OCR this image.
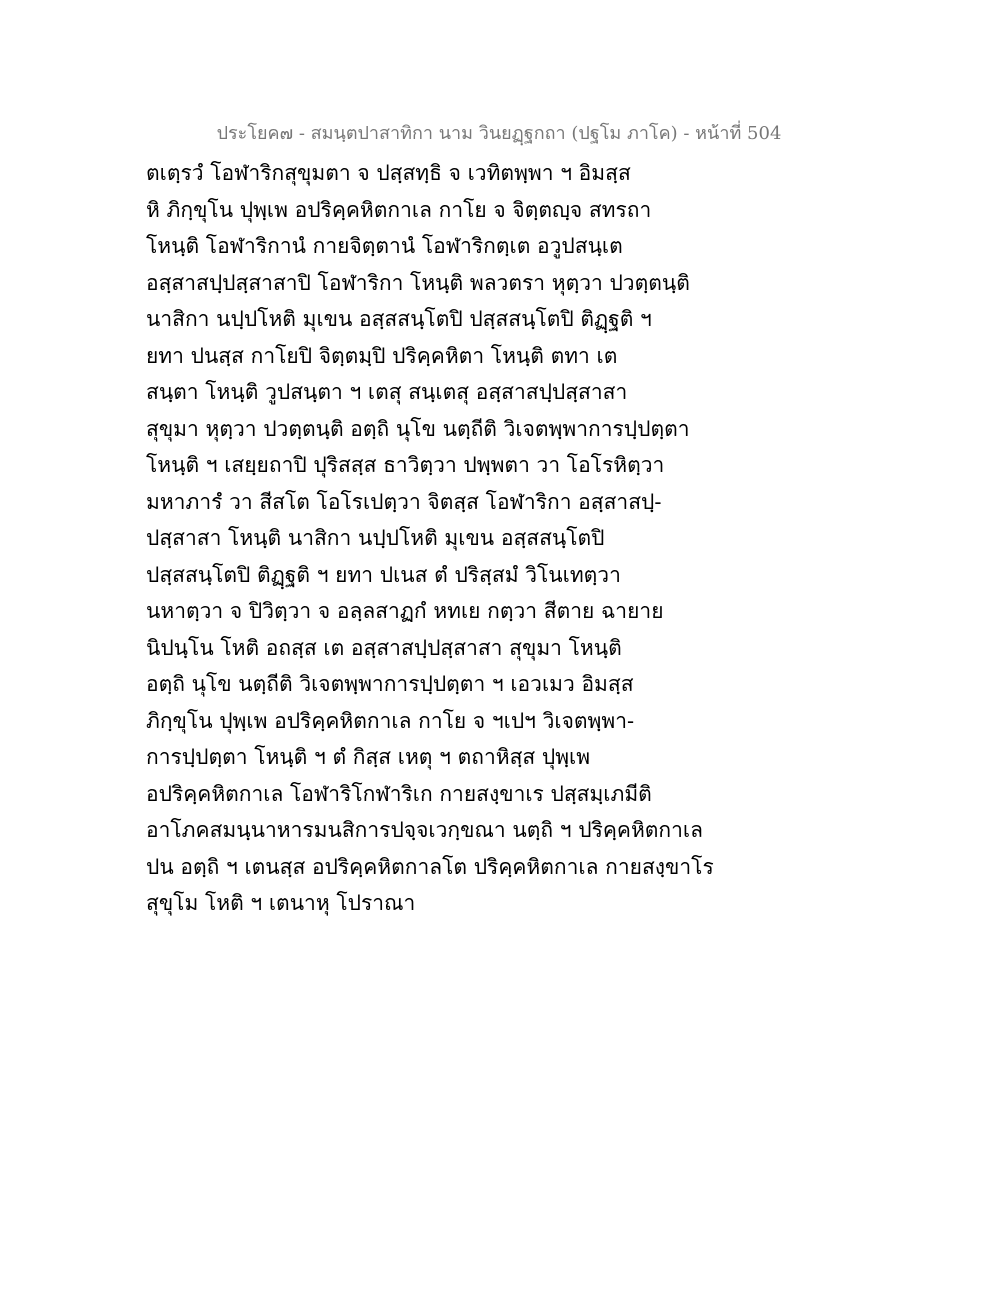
ประโยค๗ - สมนฺตปาสาทิกา นาม วินยฏฺฐกถา (ปฐโม ภาโค) - หน้าที่ 504
ตเตฺรวํ โอฬาริกสุขุมตา จ ปสฺสทฺธิ จ เวทิตพฺพา ฯ อิมสฺส
หิ ภิกฺขุโน ปุพฺเพ อปริคฺคหิตกาเล กาโย จ จิตฺตญฺจ สทรถา
โหนฺติ โอฬาริกานํ กายจิตฺตานํ โอฬาริกตฺเต อวูปสนฺเต
อสฺสาสปฺปสฺสาสาปิ โอฬาริกา โหนฺติ พลวตรา หุตฺวา ปวตฺตนฺติ
นาสิกา นปฺปโหติ มุเขน อสฺสสนฺโตปิ ปสฺสสนฺโตปิ ติฏฺฐติ ฯ
ยทา ปนสฺส กาโยปิ จิตฺตมฺปิ ปริคฺคหิตา โหนฺติ ตทา เต
สนฺตา โหนฺติ วูปสนฺตา ฯ เตสุ สนฺเตสุ อสฺสาสปฺปสฺสาสา
สุขุมา หุตฺวา ปวตฺตนฺติ อตฺถิ นุโข นตฺถีติ วิเจตพฺพาการปฺปตฺตา
โหนฺติ ฯ เสยฺยถาปิ ปุริสสฺส ธาวิตฺวา ปพฺพตา วา โอโรหิตฺวา
มหาภารํ วา สีสโต โอโรเปตฺวา จิตสฺส โอฬาริกา อสฺสาสปฺ-
ปสฺสาสา โหนฺติ นาสิกา นปฺปโหติ มุเขน อสฺสสนฺโตปิ
ปสฺสสนฺโตปิ ติฏฺฐติ ฯ ยทา ปเนส ตํ ปริสฺสมํ วิโนเทตฺวา
นหาตฺวา จ ปิวิตฺวา จ อลฺลสาฏกํ หทเย กตฺวา สีตาย ฉายาย
นิปนฺโน โหติ อถสฺส เต อสฺสาสปฺปสฺสาสา สุขุมา โหนฺติ
อตฺถิ นุโข นตฺถีติ วิเจตพฺพาการปฺปตฺตา ฯ เอวเมว อิมสฺส
ภิกฺขุโน ปุพฺเพ อปริคฺคหิตกาเล กาโย จ ฯเปฯ วิเจตพฺพา-
การปฺปตฺตา โหนฺติ ฯ ตํ กิสฺส เหตุ ฯ ตถาหิสฺส ปุพฺเพ
อปริคฺคหิตกาเล โอฬาริโกฬาริเก กายสงฺขาเร ปสฺสมฺเภมีติ
อาโภคสมนฺนาหารมนสิการปจฺจเวกฺขณา นตฺถิ ฯ ปริคฺคหิตกาเล
ปน อตฺถิ ฯ เตนสฺส อปริคฺคหิตกาลโต ปริคฺคหิตกาเล กายสงฺขาโร
สุขุโม โหติ ฯ เตนาหุ โปราณา
